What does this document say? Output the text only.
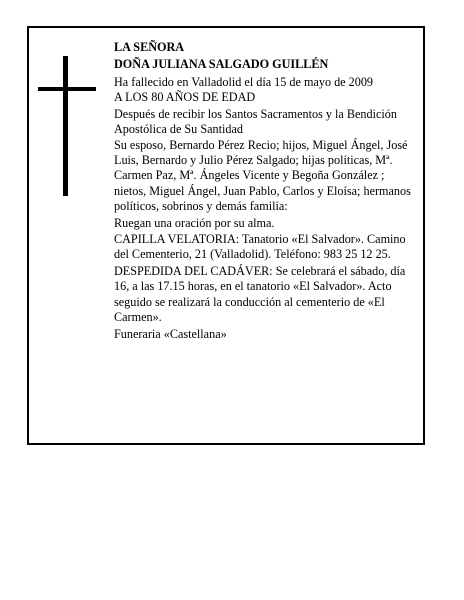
LA SEÑORA

DOÑA JULIANA SALGADO GUILLÉN

Ha fallecido en Valladolid el día 15 de mayo de 2009

A LOS 80 AÑOS DE EDAD

Después de recibir los Santos Sacramentos y la Bendición Apostólica de Su Santidad

Su esposo, Bernardo Pérez Recio; hijos, Miguel Ángel, José Luis, Bernardo y Julio Pérez Salgado; hijas políticas, Mª. Carmen Paz, Mª. Ángeles Vicente y Begoña González ; nietos, Miguel Ángel, Juan Pablo, Carlos y Eloísa; hermanos políticos, sobrinos y demás familia:

Ruegan una oración por su alma.

CAPILLA VELATORIA: Tanatorio «El Salvador». Camino del Cementerio, 21 (Valladolid). Teléfono: 983 25 12 25.

DESPEDIDA DEL CADÁVER: Se celebrará el sábado, día 16, a las 17.15 horas, en el tanatorio «El Salvador». Acto seguido se realizará la conducción al cementerio de «El Carmen».

Funeraria «Castellana»
